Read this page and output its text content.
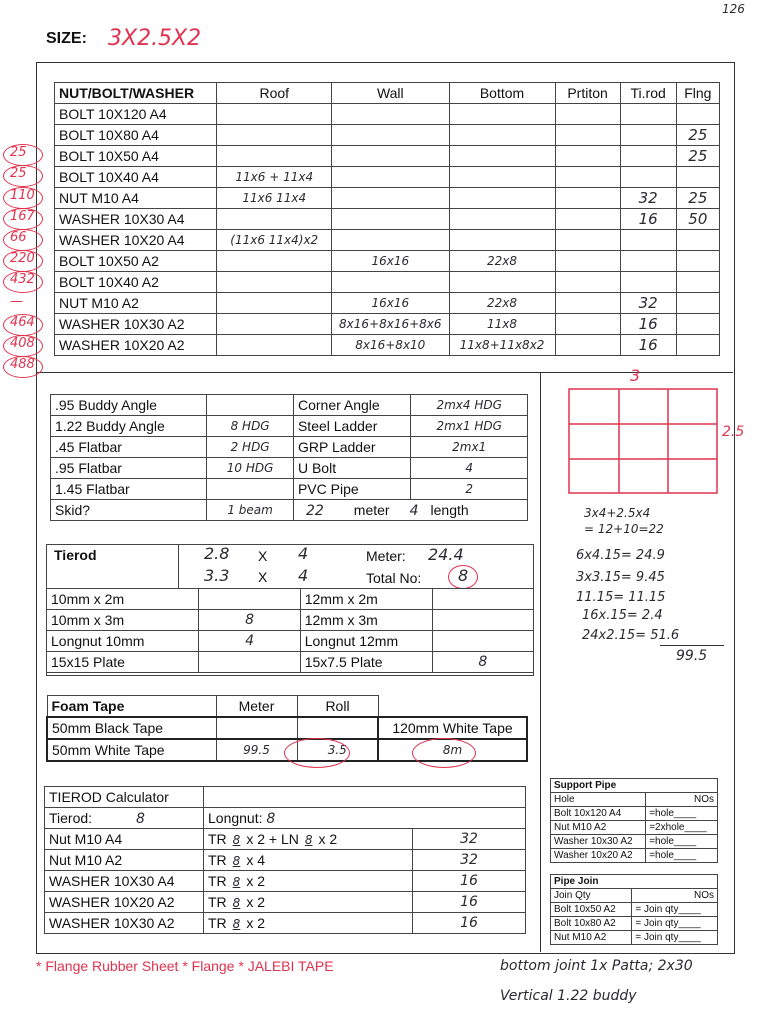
126
SIZE: 3X2.5X2
NUT/BOLT/WASHER	Roof	Wall	Bottom	Prtiton	Ti.rod	Flng
BOLT 10X120 A4						
BOLT 10X80 A4						25
BOLT 10X50 A4						25
BOLT 10X40 A4	11x6 + 11x4					
NUT M10 A4	11x6 11x4				32	25
WASHER 10X30 A4					16	50
WASHER 10X20 A4	(11x6 11x4)x2					
BOLT 10X50 A2		16x16	22x8			
BOLT 10X40 A2						
NUT M10 A2		16x16	22x8		32	
WASHER 10X30 A2		8x16+8x16+8x6	11x8		16	
WASHER 10X20 A2		8x16+8x10	11x8+11x8x2		16	
25
25
110
167
66
220
432
—
464
408
488
.95 Buddy Angle		Corner Angle	2mx4 HDG
1.22 Buddy Angle	8 HDG	Steel Ladder	2mx1 HDG
.45 Flatbar	2 HDG	GRP Ladder	2mx1
.95 Flatbar	10 HDG	U Bolt	4
1.45 Flatbar		PVC Pipe	2
Skid?	1 beam	22 meter 4 length	
3
2.5
3x4+2.5x4
= 12+10=22
6x4.15= 24.9
3x3.15= 9.45
11.15= 11.15
16x.15= 2.4
24x2.15= 51.6
99.5
Tierod	2.8 X 4
3.3 X 4
Meter: 24.4
Total No: 8
10mm x 2m		12mm x 2m	
10mm x 3m	8	12mm x 3m	
Longnut 10mm	4	Longnut 12mm	
15x15 Plate		15x7.5 Plate	8
Foam Tape	Meter	Roll	
50mm Black Tape			120mm White Tape
50mm White Tape	99.5	3.5	8m
TIEROD Calculator		
Tierod: 8	Longnut: 8	
Nut M10 A4	TR 8 x 2 + LN 8 x 2	32
Nut M10 A2	TR 8 x 4	32
WASHER 10X30 A4	TR 8 x 2	16
WASHER 10X20 A2	TR 8 x 2	16
WASHER 10X30 A2	TR 8 x 2	16
Support Pipe	
Hole	NOs
Bolt 10x120 A4	=hole____
Nut M10 A2	=2xhole____
Washer 10x30 A2	=hole____
Washer 10x20 A2	=hole____
Pipe Join	
Join Qty	NOs
Bolt 10x50 A2	= Join qty____
Bolt 10x80 A2	= Join qty____
Nut M10 A2	= Join qty____
* Flange Rubber Sheet * Flange * JALEBI TAPE	bottom joint 1x Patta; 2x30
Vertical 1.22 buddy
